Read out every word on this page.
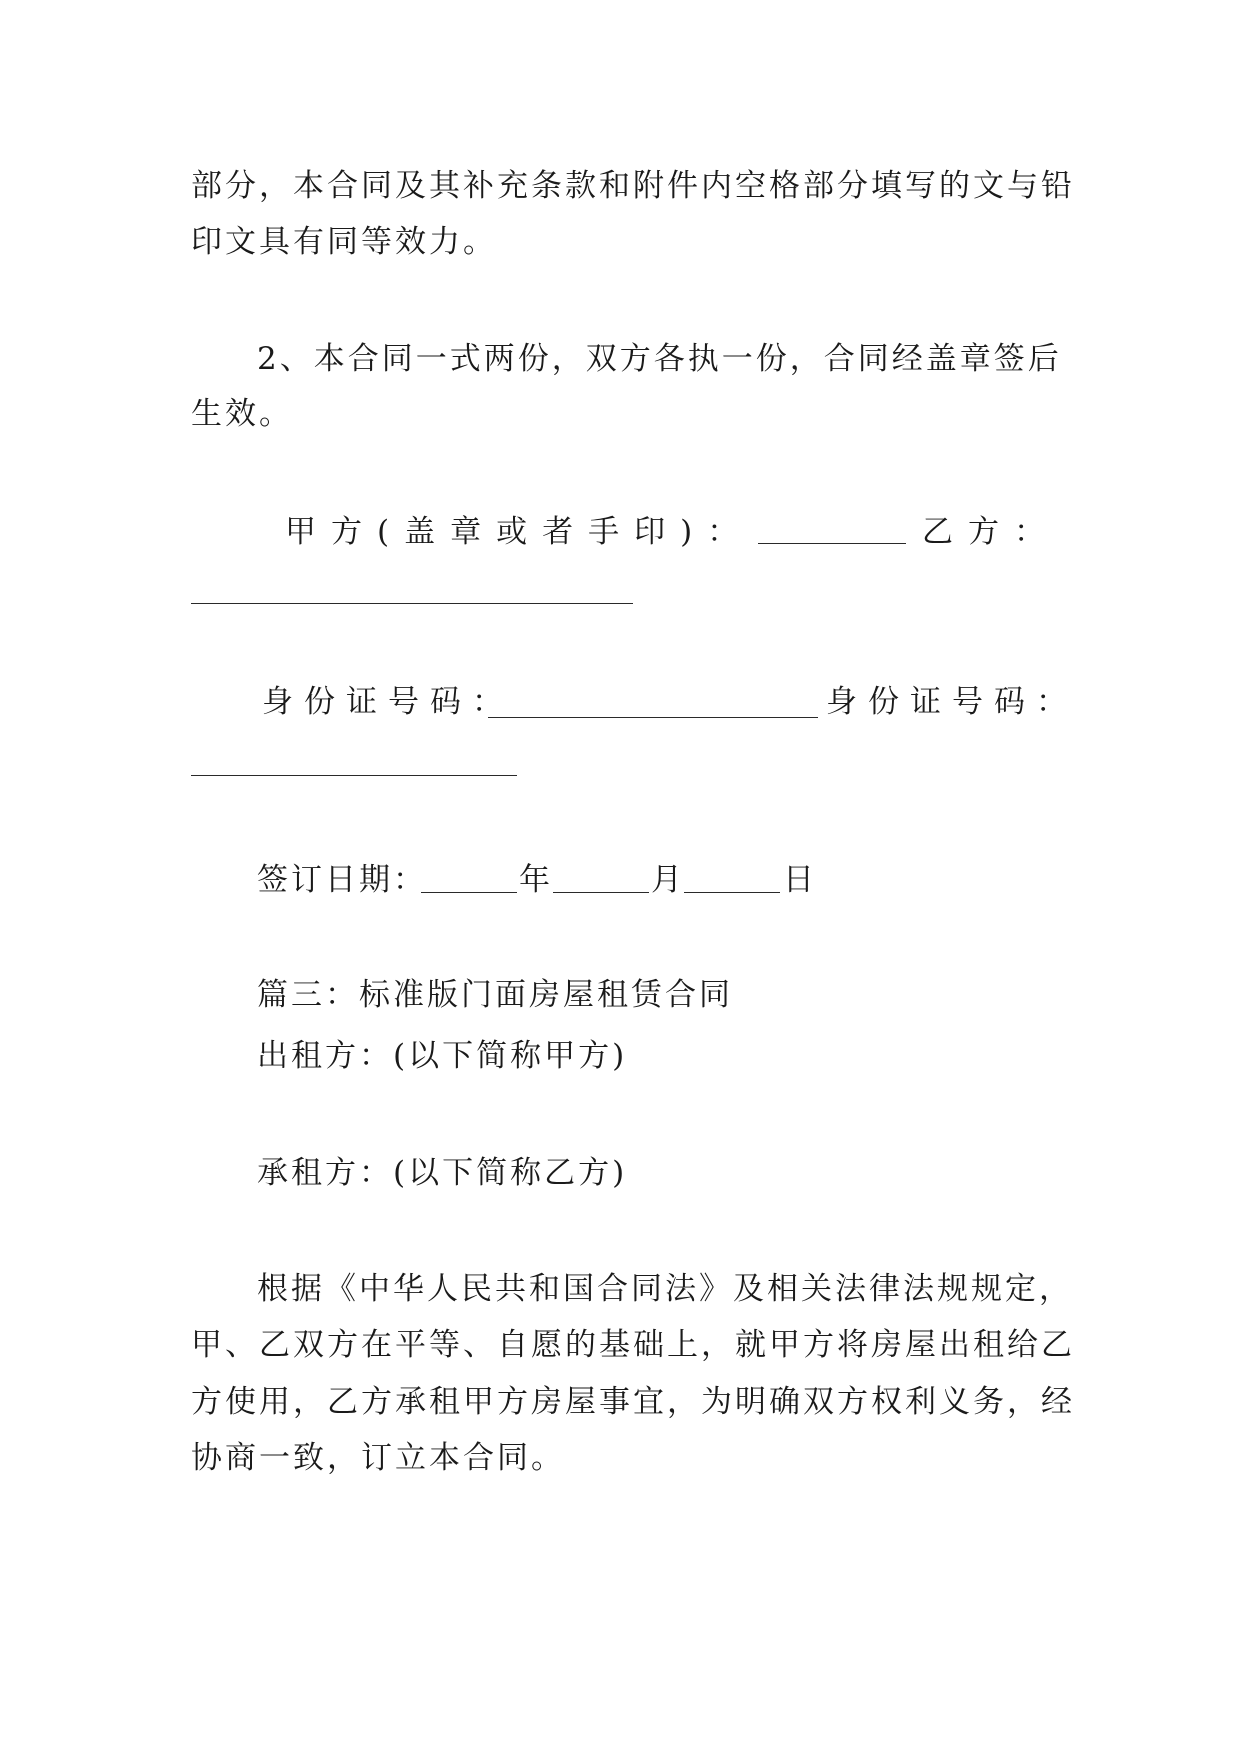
部分，本合同及其补充条款和附件内空格部分填写的文与铅
印文具有同等效力。
2、本合同一式两份，双方各执一份，合同经盖章签后
生效。
甲方(盖章或者手印)：	乙方：
身份证号码：	身份证号码：
签订日期：	年	月	日
篇三：标准版门面房屋租赁合同
出租方：(以下简称甲方)
承租方：(以下简称乙方)
根据《中华人民共和国合同法》及相关法律法规规定，
甲、乙双方在平等、自愿的基础上，就甲方将房屋出租给乙
方使用，乙方承租甲方房屋事宜，为明确双方权利义务，经
协商一致，订立本合同。
